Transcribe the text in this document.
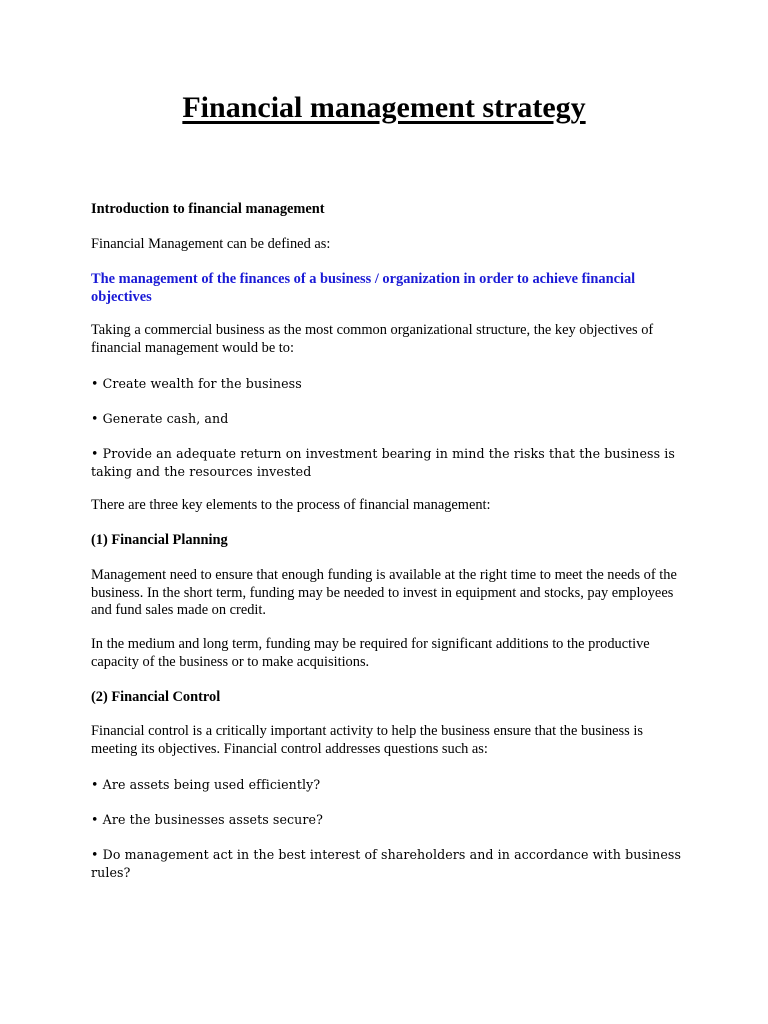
Financial management strategy

Introduction to financial management

Financial Management can be defined as:

The management of the finances of a business / organization in order to achieve financial objectives

Taking a commercial business as the most common organizational structure, the key objectives of financial management would be to:

• Create wealth for the business

• Generate cash, and

• Provide an adequate return on investment bearing in mind the risks that the business is taking and the resources invested

There are three key elements to the process of financial management:

(1) Financial Planning

Management need to ensure that enough funding is available at the right time to meet the needs of the business. In the short term, funding may be needed to invest in equipment and stocks, pay employees and fund sales made on credit.

In the medium and long term, funding may be required for significant additions to the productive capacity of the business or to make acquisitions.

(2) Financial Control

Financial control is a critically important activity to help the business ensure that the business is meeting its objectives. Financial control addresses questions such as:

• Are assets being used efficiently?

• Are the businesses assets secure?

• Do management act in the best interest of shareholders and in accordance with business rules?
